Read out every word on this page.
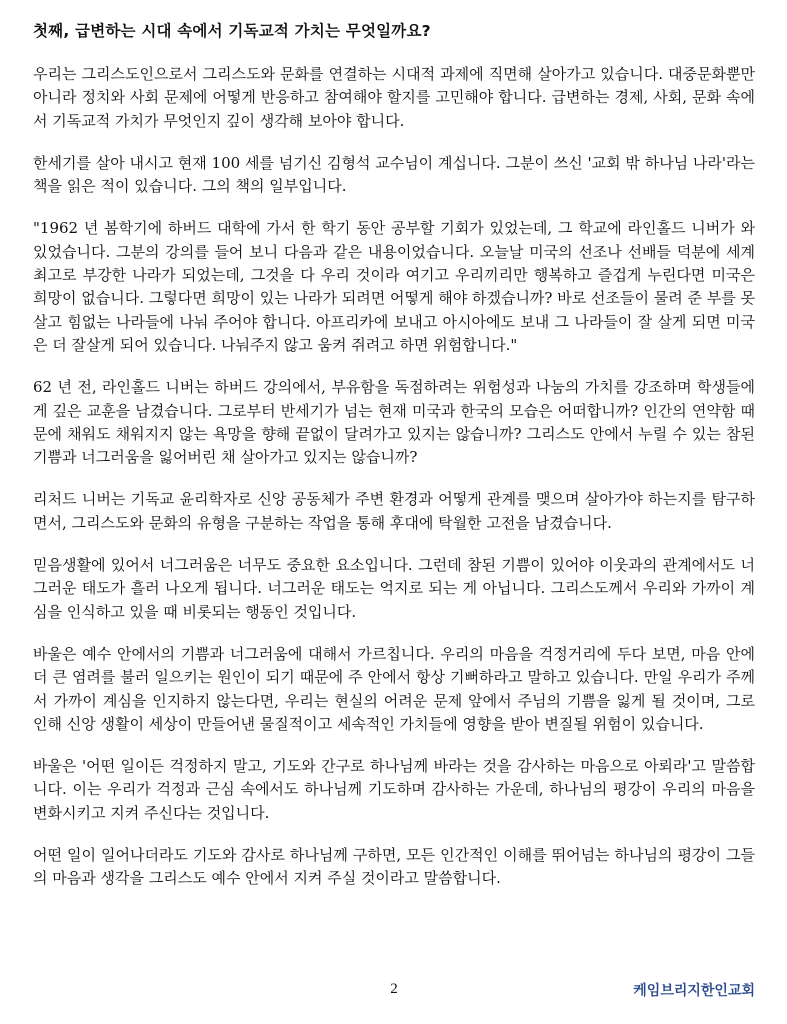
첫째, 급변하는 시대 속에서 기독교적 가치는 무엇일까요?

우리는 그리스도인으로서 그리스도와 문화를 연결하는 시대적 과제에 직면해 살아가고 있습니다. 대중문화뿐만 아니라 정치와 사회 문제에 어떻게 반응하고 참여해야 할지를 고민해야 합니다. 급변하는 경제, 사회, 문화 속에서 기독교적 가치가 무엇인지 깊이 생각해 보아야 합니다.

한세기를 살아 내시고 현재 100 세를 넘기신 김형석 교수님이 계십니다. 그분이 쓰신 '교회 밖 하나님 나라'라는 책을 읽은 적이 있습니다. 그의 책의 일부입니다.

"1962 년 봄학기에 하버드 대학에 가서 한 학기 동안 공부할 기회가 있었는데, 그 학교에 라인홀드 니버가 와 있었습니다. 그분의 강의를 들어 보니 다음과 같은 내용이었습니다. 오늘날 미국의 선조나 선배들 덕분에 세계 최고로 부강한 나라가 되었는데, 그것을 다 우리 것이라 여기고 우리끼리만 행복하고 즐겁게 누린다면 미국은 희망이 없습니다. 그렇다면 희망이 있는 나라가 되려면 어떻게 해야 하겠습니까? 바로 선조들이 물려 준 부를 못살고 힘없는 나라들에 나눠 주어야 합니다. 아프리카에 보내고 아시아에도 보내 그 나라들이 잘 살게 되면 미국은 더 잘살게 되어 있습니다. 나눠주지 않고 움켜 쥐려고 하면 위험합니다."

62 년 전, 라인홀드 니버는 하버드 강의에서, 부유함을 독점하려는 위험성과 나눔의 가치를 강조하며 학생들에게 깊은 교훈을 남겼습니다. 그로부터 반세기가 넘는 현재 미국과 한국의 모습은 어떠합니까? 인간의 연약함 때문에 채워도 채워지지 않는 욕망을 향해 끝없이 달려가고 있지는 않습니까? 그리스도 안에서 누릴 수 있는 참된 기쁨과 너그러움을 잃어버린 채 살아가고 있지는 않습니까?

리처드 니버는 기독교 윤리학자로 신앙 공동체가 주변 환경과 어떻게 관계를 맺으며 살아가야 하는지를 탐구하면서, 그리스도와 문화의 유형을 구분하는 작업을 통해 후대에 탁월한 고전을 남겼습니다.

믿음생활에 있어서 너그러움은 너무도 중요한 요소입니다. 그런데 참된 기쁨이 있어야 이웃과의 관계에서도 너그러운 태도가 흘러 나오게 됩니다. 너그러운 태도는 억지로 되는 게 아닙니다. 그리스도께서 우리와 가까이 계심을 인식하고 있을 때 비롯되는 행동인 것입니다.

바울은 예수 안에서의 기쁨과 너그러움에 대해서 가르칩니다. 우리의 마음을 걱정거리에 두다 보면, 마음 안에 더 큰 염려를 불러 일으키는 원인이 되기 때문에 주 안에서 항상 기뻐하라고 말하고 있습니다. 만일 우리가 주께서 가까이 계심을 인지하지 않는다면, 우리는 현실의 어려운 문제 앞에서 주님의 기쁨을 잃게 될 것이며, 그로 인해 신앙 생활이 세상이 만들어낸 물질적이고 세속적인 가치들에 영향을 받아 변질될 위험이 있습니다.

바울은 '어떤 일이든 걱정하지 말고, 기도와 간구로 하나님께 바라는 것을 감사하는 마음으로 아뢰라'고 말씀합니다. 이는 우리가 걱정과 근심 속에서도 하나님께 기도하며 감사하는 가운데, 하나님의 평강이 우리의 마음을 변화시키고 지켜 주신다는 것입니다.

어떤 일이 일어나더라도 기도와 감사로 하나님께 구하면, 모든 인간적인 이해를 뛰어넘는 하나님의 평강이 그들의 마음과 생각을 그리스도 예수 안에서 지켜 주실 것이라고 말씀합니다.

2	케임브리지한인교회
